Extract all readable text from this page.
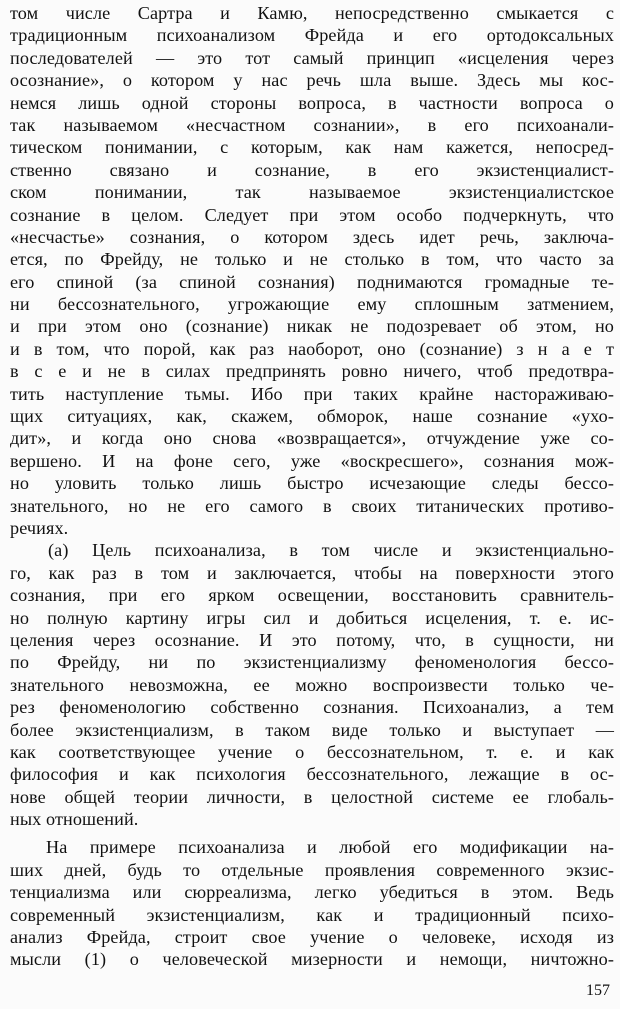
том числе Сартра и Камю, непосредственно смыкается с
традиционным психоанализом Фрейда и его ортодоксальных
последователей — это тот самый принцип «исцеления через
осознание», о котором у нас речь шла выше. Здесь мы кос-
немся лишь одной стороны вопроса, в частности вопроса о
так называемом «несчастном сознании», в его психоанали-
тическом понимании, с которым, как нам кажется, непосред-
ственно связано и сознание, в его экзистенциалист-
ском понимании, так называемое экзистенциалистское
сознание в целом. Следует при этом особо подчеркнуть, что
«несчастье» сознания, о котором здесь идет речь, заключа-
ется, по Фрейду, не только и не столько в том, что часто за
его спиной (за спиной сознания) поднимаются громадные те-
ни бессознательного, угрожающие ему сплошным затмением,
и при этом оно (сознание) никак не подозревает об этом, но
и в том, что порой, как раз наоборот, оно (сознание) з н а е т
в с е и не в силах предпринять ровно ничего, чтоб предотвра-
тить наступление тьмы. Ибо при таких крайне настораживаю-
щих ситуациях, как, скажем, обморок, наше сознание «ухо-
дит», и когда оно снова «возвращается», отчуждение уже со-
вершено. И на фоне сего, уже «воскресшего», сознания мож-
но уловить только лишь быстро исчезающие следы бессо-
знательного, но не его самого в своих титанических противо-
речиях.
(а) Цель психоанализа, в том числе и экзистенциально-
го, как раз в том и заключается, чтобы на поверхности этого
сознания, при его ярком освещении, восстановить сравнитель-
но полную картину игры сил и добиться исцеления, т. е. ис-
целения через осознание. И это потому, что, в сущности, ни
по Фрейду, ни по экзистенциализму феноменология бессо-
знательного невозможна, ее можно воспроизвести только че-
рез феноменологию собственно сознания. Психоанализ, а тем
более экзистенциализм, в таком виде только и выступает —
как соответствующее учение о бессознательном, т. е. и как
философия и как психология бессознательного, лежащие в ос-
нове общей теории личности, в целостной системе ее глобаль-
ных отношений.
На примере психоанализа и любой его модификации на-
ших дней, будь то отдельные проявления современного экзис-
тенциализма или сюрреализма, легко убедиться в этом. Ведь
современный экзистенциализм, как и традиционный психо-
анализ Фрейда, строит свое учение о человеке, исходя из
мысли (1) о человеческой мизерности и немощи, ничтожно-
157
